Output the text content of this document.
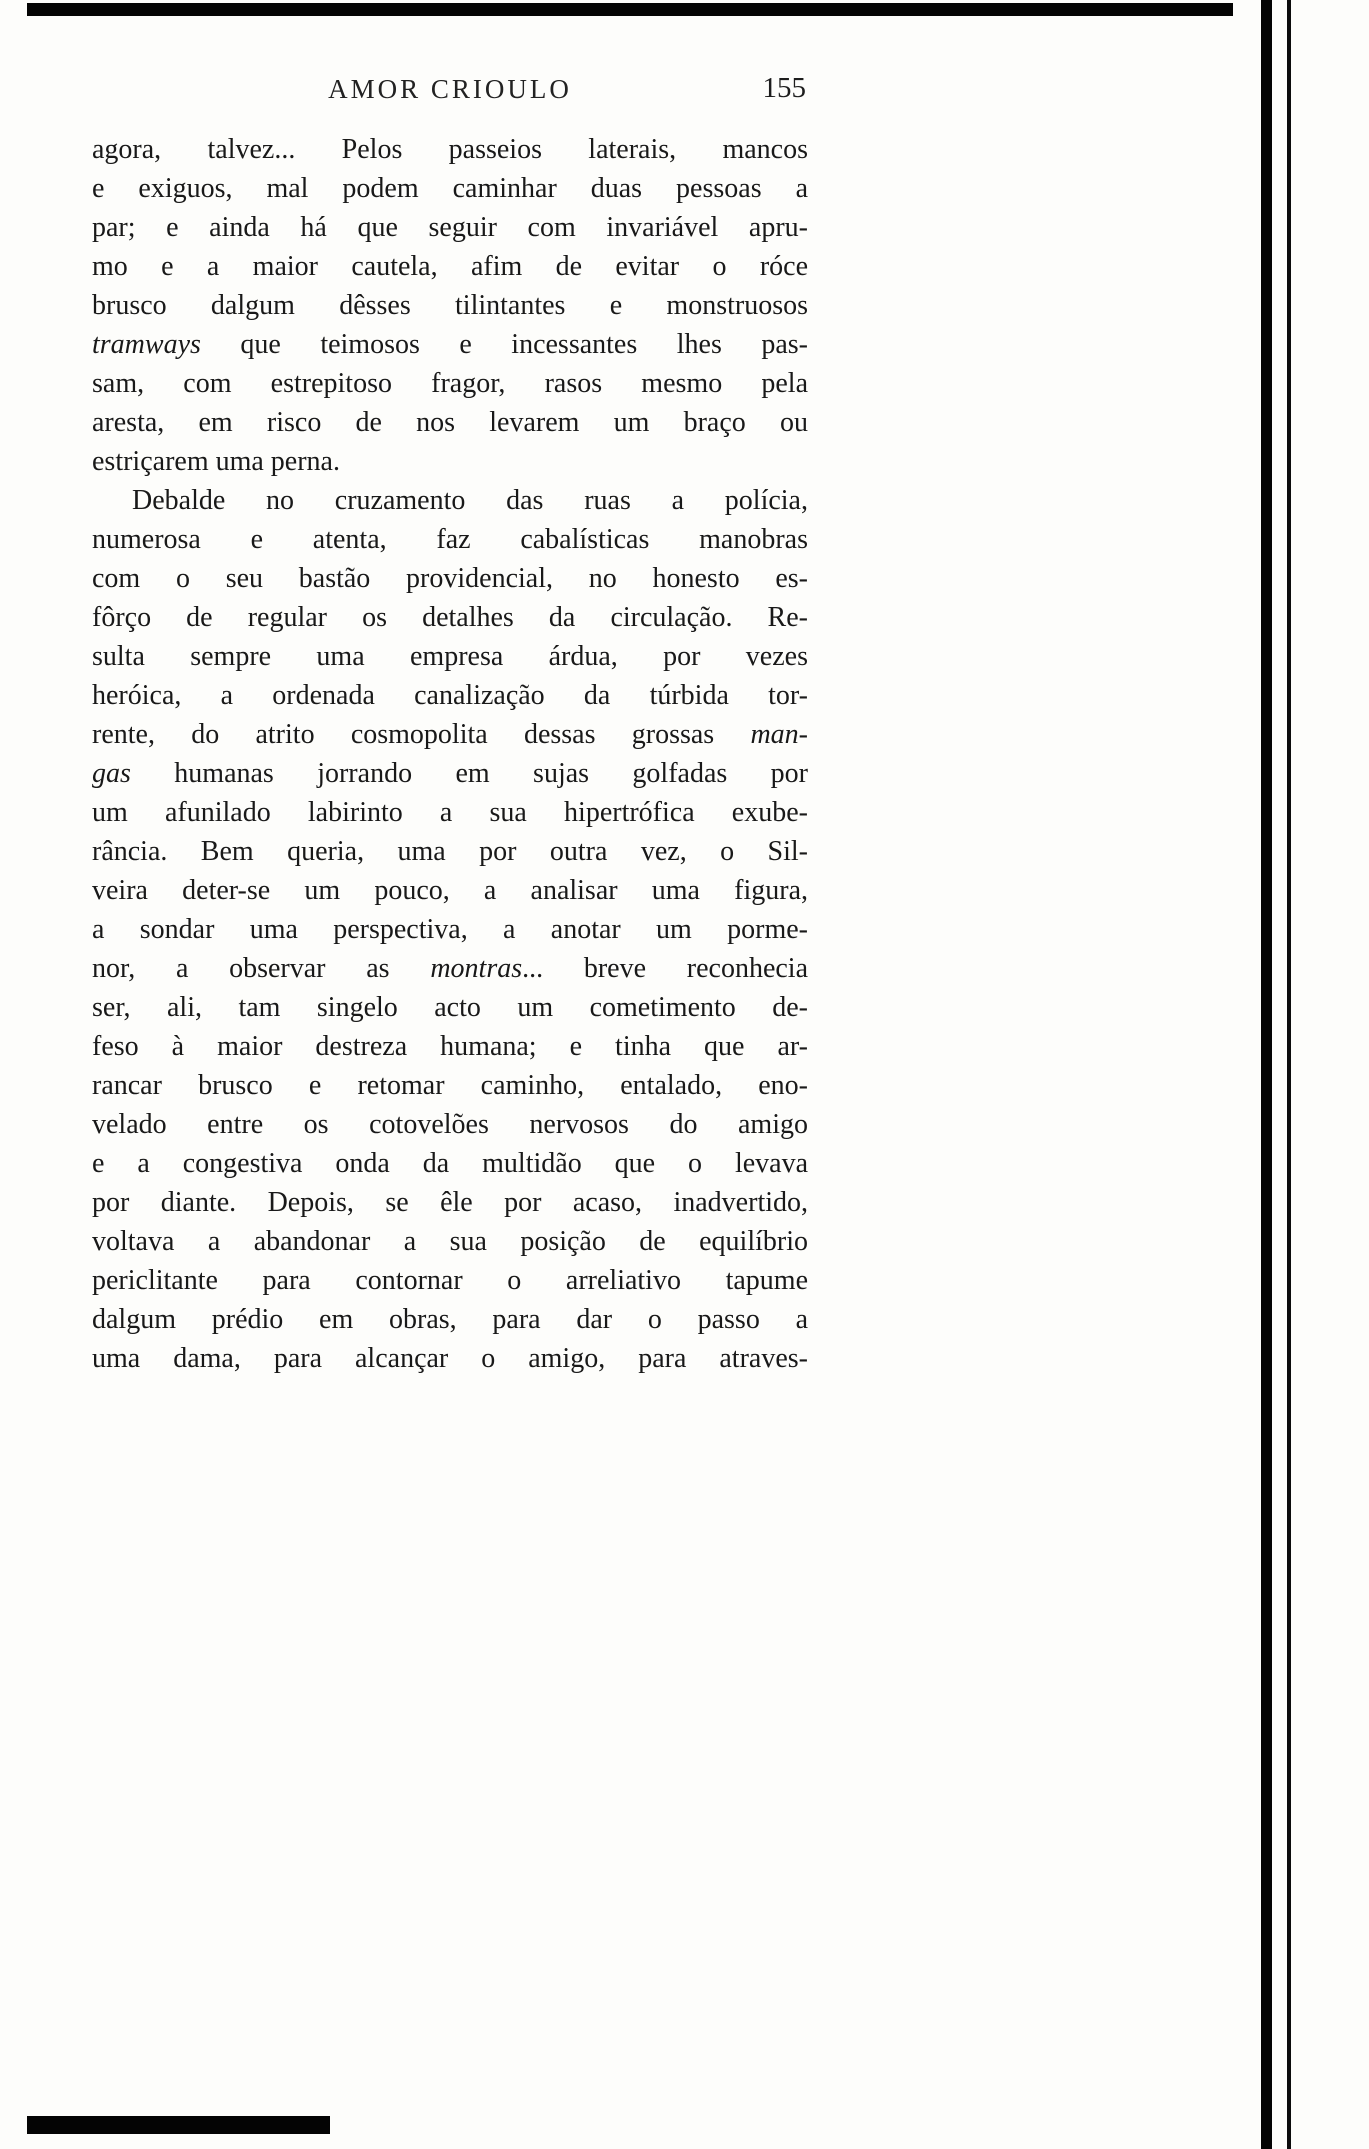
AMOR CRIOULO	155
agora, talvez... Pelos passeios laterais, mancos
e exiguos, mal podem caminhar duas pessoas a
par; e ainda há que seguir com invariável apru-
mo e a maior cautela, afim de evitar o róce
brusco dalgum dêsses tilintantes e monstruosos
tramways que teimosos e incessantes lhes pas-
sam, com estrepitoso fragor, rasos mesmo pela
aresta, em risco de nos levarem um braço ou
estriçarem uma perna.
Debalde no cruzamento das ruas a polícia,
numerosa e atenta, faz cabalísticas manobras
com o seu bastão providencial, no honesto es-
fôrço de regular os detalhes da circulação. Re-
sulta sempre uma empresa árdua, por vezes
heróica, a ordenada canalização da túrbida tor-
rente, do atrito cosmopolita dessas grossas man-
gas humanas jorrando em sujas golfadas por
um afunilado labirinto a sua hipertrófica exube-
rância. Bem queria, uma por outra vez, o Sil-
veira deter-se um pouco, a analisar uma figura,
a sondar uma perspectiva, a anotar um porme-
nor, a observar as montras... breve reconhecia
ser, ali, tam singelo acto um cometimento de-
feso à maior destreza humana; e tinha que ar-
rancar brusco e retomar caminho, entalado, eno-
velado entre os cotovelões nervosos do amigo
e a congestiva onda da multidão que o levava
por diante. Depois, se êle por acaso, inadvertido,
voltava a abandonar a sua posição de equilíbrio
periclitante para contornar o arreliativo tapume
dalgum prédio em obras, para dar o passo a
uma dama, para alcançar o amigo, para atraves-
